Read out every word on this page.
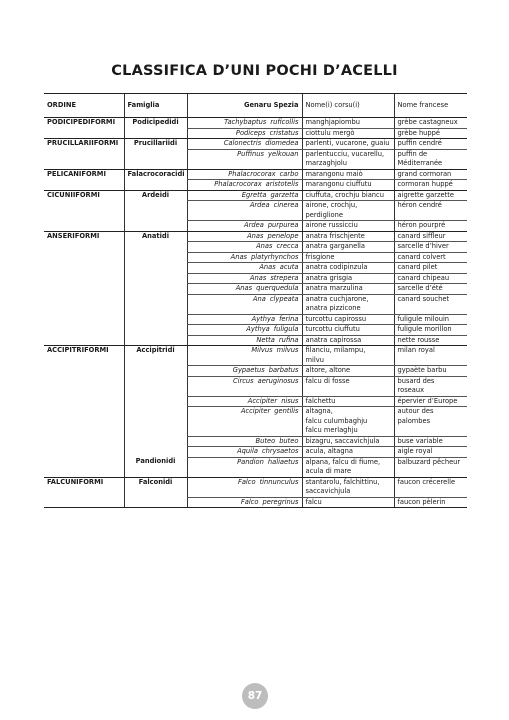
CLASSIFICA D’UNI POCHI D’ACELLI
ORDINE	Famiglia	Genaru Spezia	Nome(i) corsu(i)	Nome francese
PODICIPEDIFORMI	Podicipedidi	Tachybaptus ruficollis	manghjapiombu	grèbe castagneux
		Podiceps cristatus	ciottulu mergò	grèbe huppé
PRUCILLARIIFORMI	Prucillariidi	Calonectris diomedea	parlenti, vucarone, guaiu	puffin cendré
		Puffinus yelkouan	parlentucciu, vucarellu,
marzaghjolu	puffin de
Méditerranée
PELICANIFORMI	Falacrocoracidi	Phalacrocorax carbo	marangonu maiò	grand cormoran
		Phalacrocorax aristotelis	marangonu ciuffutu	cormoran huppé
CICUNIIFORMI	Ardeidi	Egretta garzetta	ciuffuta, crochju biancu	aigrette garzette
		Ardea cinerea	airone, crochju,
perdiglione	héron cendré
		Ardea purpurea	airone russicciu	héron pourpré
ANSERIFORMI	Anatidi	Anas penelope	anatra frischjente	canard siffleur
		Anas crecca	anatra garganella	sarcelle d’hiver
		Anas platyrhynchos	frisgione	canard colvert
		Anas acuta	anatra codipinzula	canard pilet
		Anas strepera	anatra grisgia	canard chipeau
		Anas querquedula	anatra marzulina	sarcelle d’été
		Ana clypeata	anatra cuchjarone,
anatra pizzicone	canard souchet
		Aythya ferina	turcottu capirossu	fuligule milouin
		Aythya fuligula	turcottu ciuffutu	fuligule morillon
		Netta rufina	anatra capirossa	nette rousse
ACCIPITRIFORMI	Accipitridi	Milvus milvus	filanciu, milampu,
milvu	milan royal
		Gypaetus barbatus	altore, altone	gypaète barbu
		Circus aeruginosus	falcu di fosse	busard des
roseaux
		Accipiter nisus	falchettu	épervier d’Europe
		Accipiter gentilis	altagna,
falcu culumbaghju
falcu merlaghju	autour des
palombes
		Buteo buteo	bizagru, saccavichjula	buse variable
		Aquila chrysaetos	acula, altagna	aigle royal
	Pandionidi	Pandion haliaetus	alpana, falcu di fiume,
acula di mare	balbuzard pêcheur
FALCUNIFORMI	Falconidi	Falco tinnunculus	stantarolu, falchittinu,
saccavichjula	faucon crécerelle
		Falco peregrinus	falcu	faucon pèlerin
87
